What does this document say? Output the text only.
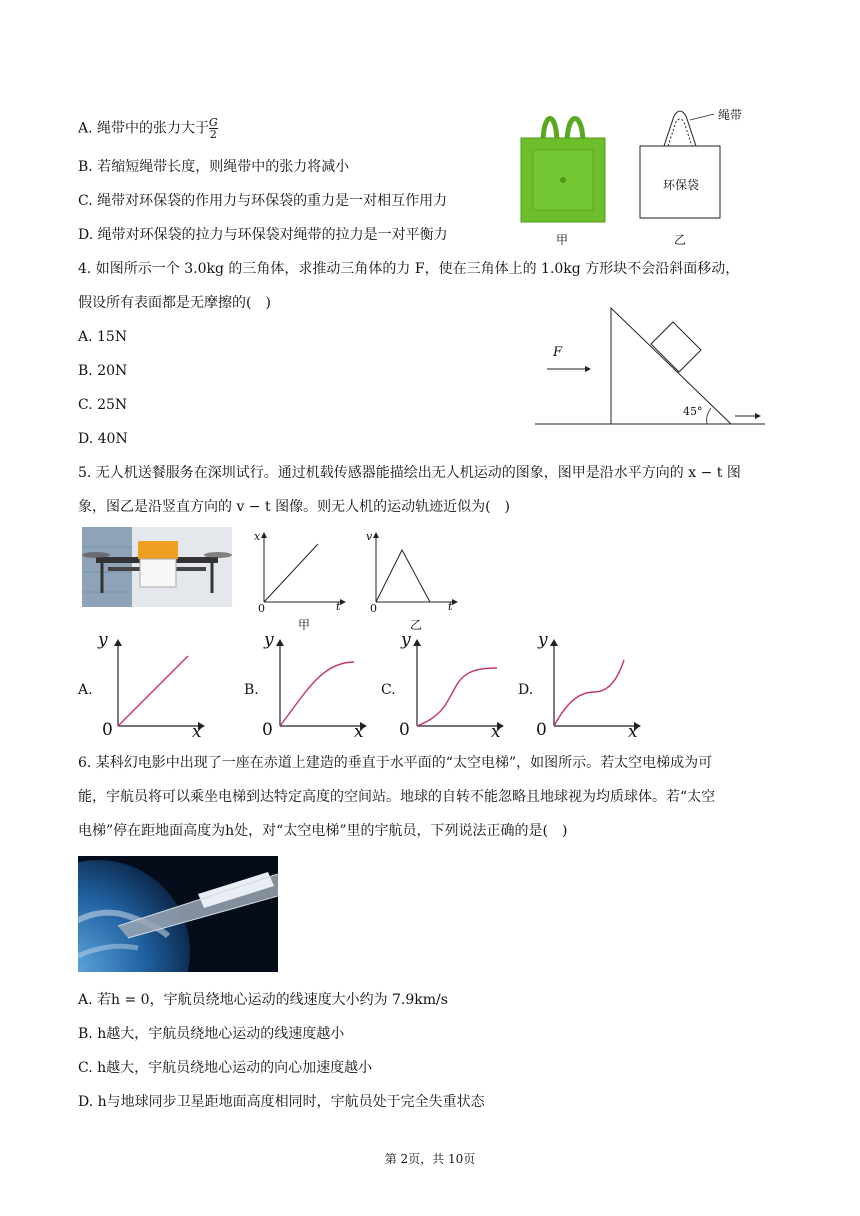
A. 绳带中的张力大于 $\frac{G}{2}$
B. 若缩短绳带长度，则绳带中的张力将减小
C. 绳带对环保袋的作用力与环保袋的重力是一对相互作用力
D. 绳带对环保袋的拉力与环保袋对绳带的拉力是一对平衡力	甲
绳带
环保袋
乙
4. 如图所示一个 3.0kg 的三角体，求推动三角体的力 F，使在三角体上的 1.0kg 方形块不会沿斜面移动，
假设所有表面都是无摩擦的(　)
A. 15N
B. 20N
C. 25N
D. 40N
F
45°
5. 无人机送餐服务在深圳试行。通过机载传感器能描绘出无人机运动的图象，图甲是沿水平方向的 x − t 图
象，图乙是沿竖直方向的 v − t 图像。则无人机的运动轨迹近似为(　)
x
t
0
甲
v
t
0
乙
A.
y
x
0
B.
y
x
0
C.
y
x
0
D.
y
x
0
6. 某科幻电影中出现了一座在赤道上建造的垂直于水平面的“太空电梯”，如图所示。若太空电梯成为可
能，宇航员将可以乘坐电梯到达特定高度的空间站。地球的自转不能忽略且地球视为均质球体。若“太空
电梯”停在距地面高度为h处，对“太空电梯”里的宇航员，下列说法正确的是(　)
A. 若h = 0，宇航员绕地心运动的线速度大小约为 7.9km/s
B. h越大，宇航员绕地心运动的线速度越小
C. h越大，宇航员绕地心运动的向心加速度越小
D. h与地球同步卫星距地面高度相同时，宇航员处于完全失重状态
第 2页，共 10页
